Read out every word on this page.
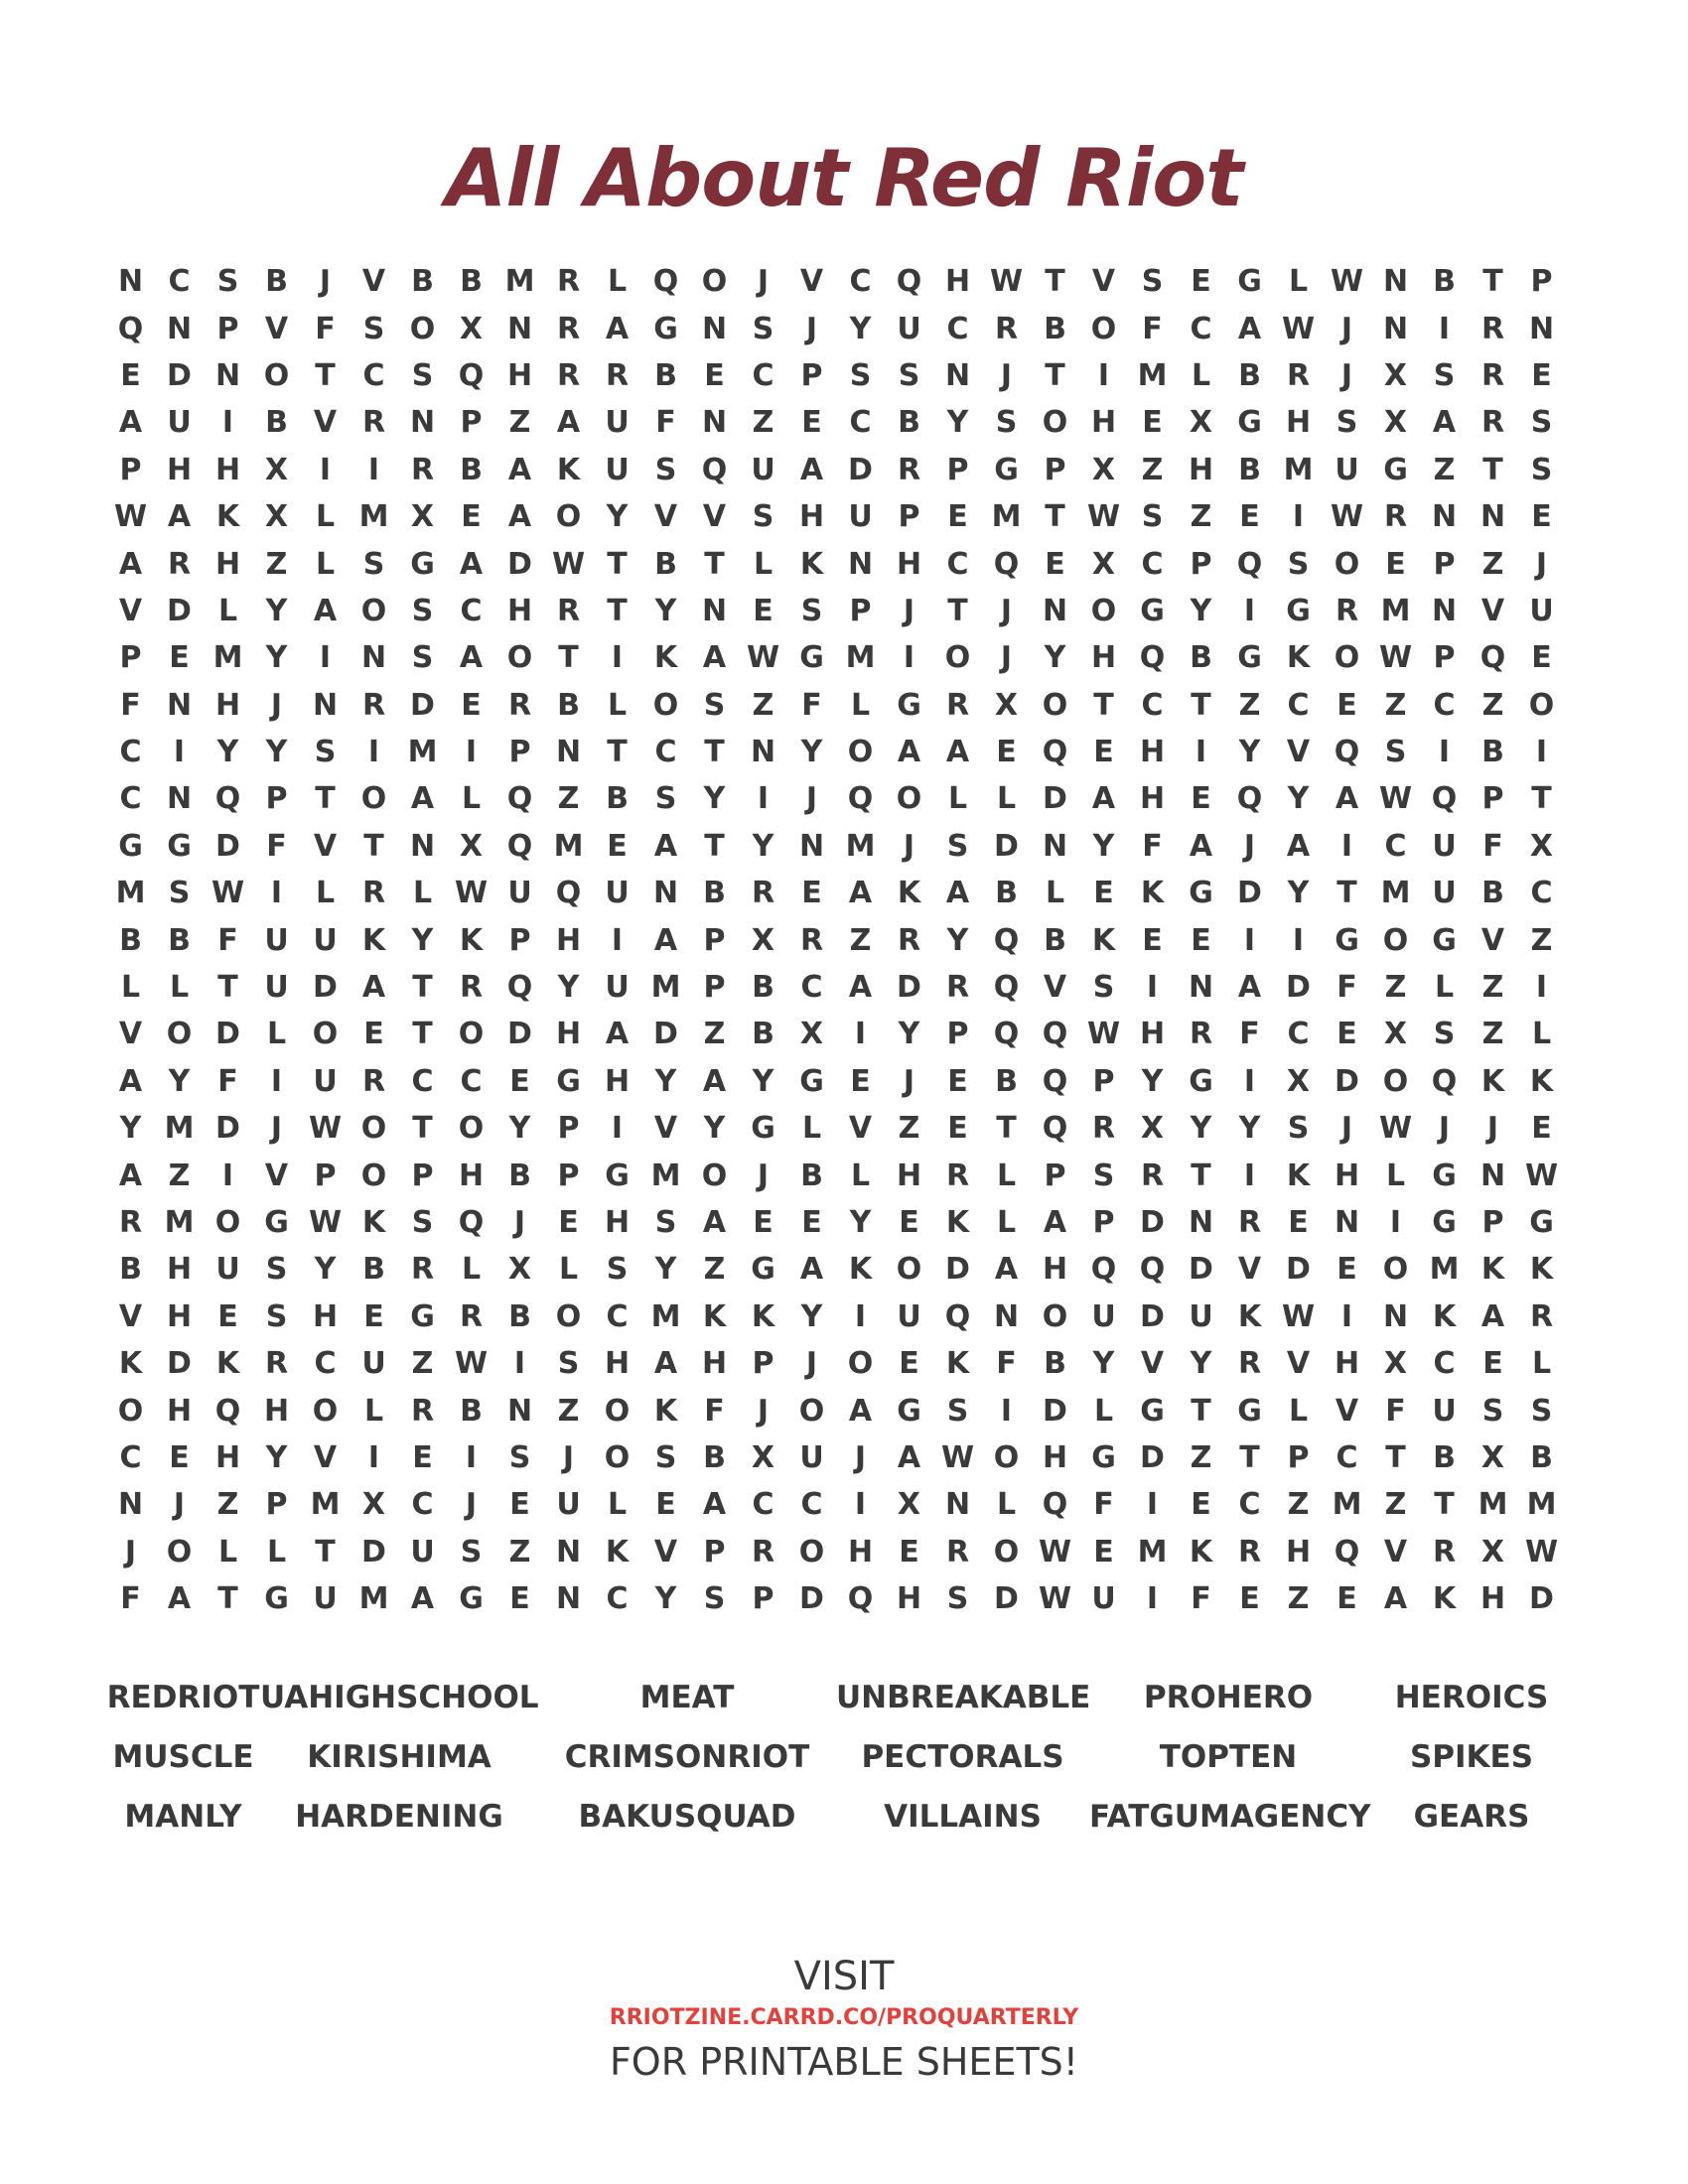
All About Red Riot
N C S B	J	V B B M R L Q O	J	V C Q H W T V S E G L W N B T P
Q N P V F S O X N R A G N S	J	Y U C R B O F C A W J	N	I	R N
E D N O T C S Q H R R B E C P S S N	J	T	I M L B R	J	X S R E
A U	I	B V R N P Z A U F N Z E C B Y S O H E X G H S X A R S
P H H X	I	I	R B A K U S Q U A D R P G P X Z H B M U G Z T S
W A K X L M X E A O Y V V S H U P E M T W S Z E	I W R N N E
A R H Z L S G A D W T B T L K N H C Q E X C P Q S O E P Z	J
V D L Y A O S C H R T Y N E S P	J	T	J	N O G Y	I	G R M N V U
P E M Y	I	N S A O T	I	K A W G M I	O	J	Y H Q B G K O W P Q E
F N H	J	N R D E R B L O S Z F L G R X O T C T Z C E Z C Z O
C	I	Y Y S	I M I	P N T C T N Y O A A E Q E H	I	Y V Q S	I	B	I
C N Q P T O A L Q Z B S Y	I	J	Q O L L D A H E Q Y A W Q P T
G G D F V T N X Q M E A T Y N M J	S D N Y F A	J	A	I	C U F X
M S W I	L R L W U Q U N B R E A K A B L E K G D Y T M U B C
B B F U U K Y K P H	I	A P X R Z R Y Q B K E E	I	I	G O G V Z
L L T U D A T R Q Y U M P B C A D R Q V S	I	N A D F Z L Z	I
V O D L O E T O D H A D Z B X	I	Y P Q Q W H R F C E X S Z L
A Y F	I	U R C C E G H Y A Y G E	J	E B Q P Y G	I	X D O Q K K
Y M D	J W O T O Y P	I	V Y G L V Z E T Q R X Y Y S	J W J	J	E
A Z	I	V P O P H B P G M O	J	B L H R L P S R T	I	K H L G N W
R M O G W K S Q	J	E H S A E E Y E K L A P D N R E N	I	G P G
B H U S Y B R L X L S Y Z G A K O D A H Q Q D V D E O M K K
V H E S H E G R B O C M K K Y	I	U Q N O U D U K W I	N K A R
K D K R C U Z W I	S H A H P	J	O E K F B Y V Y R V H X C E L
O H Q H O L R B N Z O K F	J	O A G S	I	D L G T G L V F U S S
C E H Y V	I	E	I	S	J	O S B X U	J	A W O H G D Z T P C T B X B
N	J	Z P M X C	J	E U L E A C C	I	X N L Q F	I	E C Z M Z T M M
J	O L L T D U S Z N K V P R O H E R O W E M K R H Q V R X W
F A T G U M A G E N C Y S P D Q H S D W U	I	F E Z E A K H D
REDRIOT UAHIGHSCHOOL	MEAT	UNBREAKABLE	PROHERO	HEROICS
MUSCLE	KIRISHIMA	CRIMSONRIOT	PECTORALS	TOPTEN	SPIKES
MANLY	HARDENING	BAKUSQUAD	VILLAINS	FATGUMAGENCY	GEARS
VISIT
RRIOTZINE.CARRD.CO/PROQUARTERLY
FOR PRINTABLE SHEETS!
